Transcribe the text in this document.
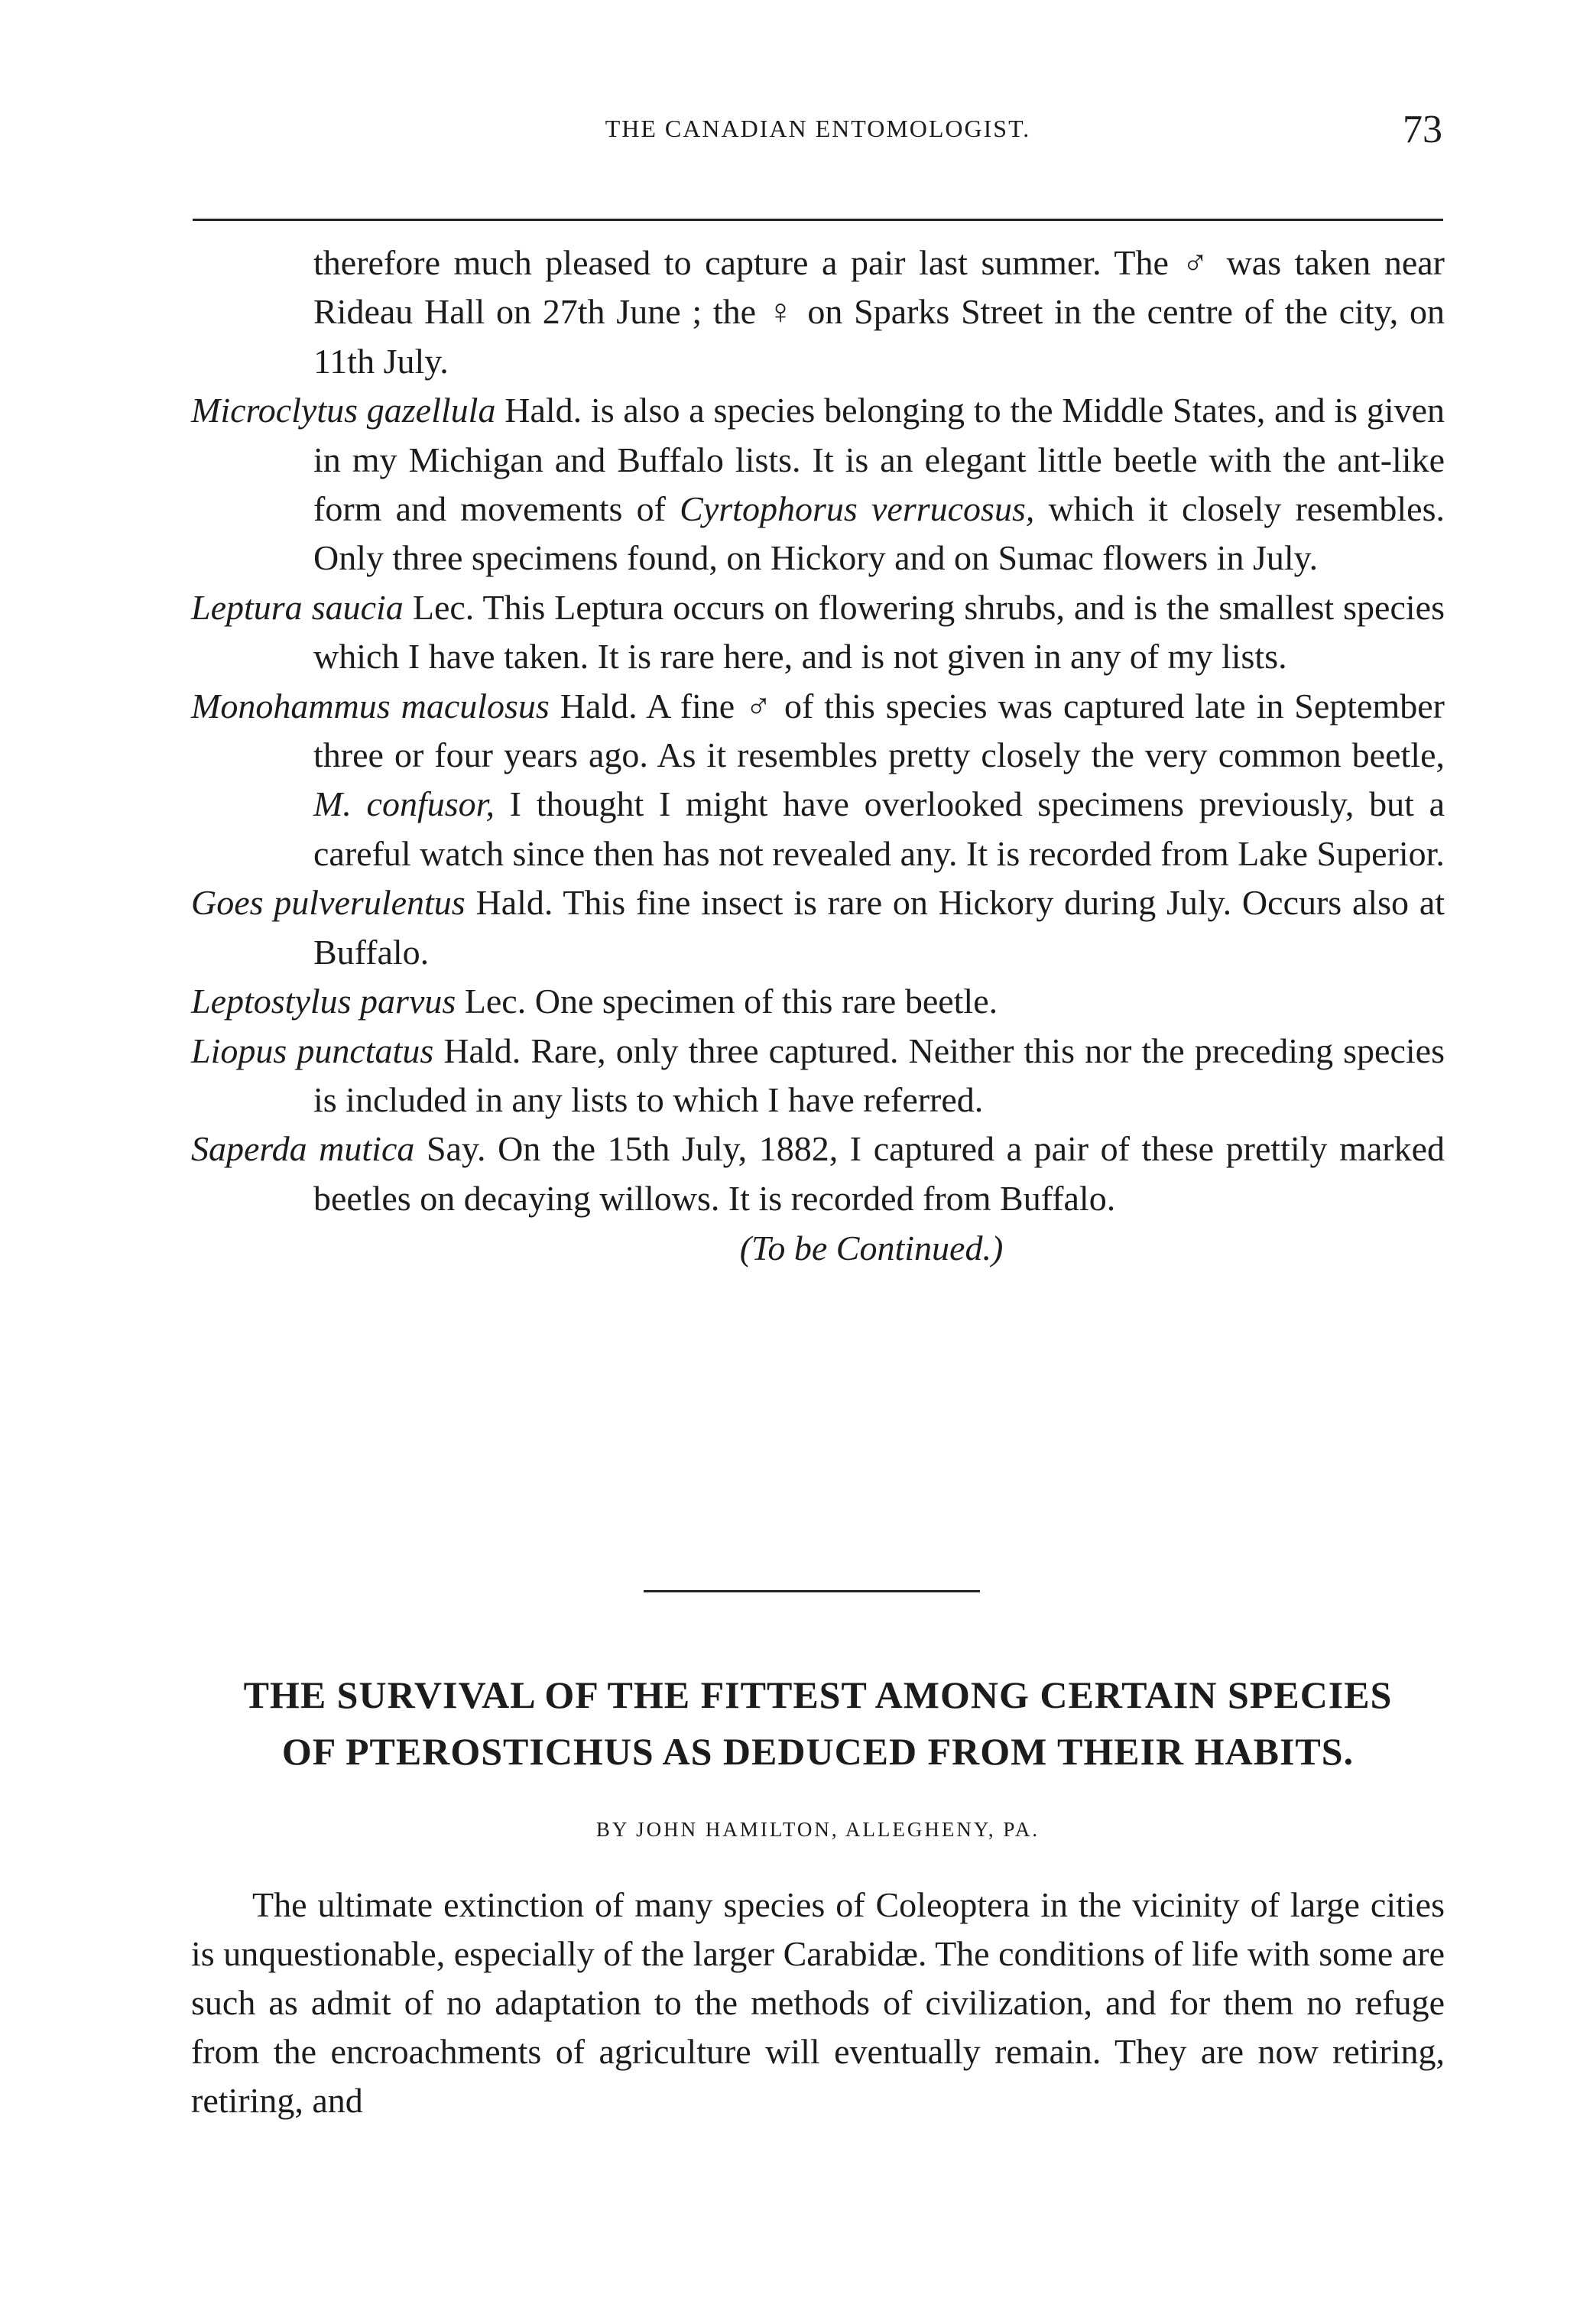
THE CANADIAN ENTOMOLOGIST.	73

therefore much pleased to capture a pair last summer. The ♂ was taken near Rideau Hall on 27th June ; the ♀ on Sparks Street in the centre of the city, on 11th July.

Microclytus gazellula Hald. is also a species belonging to the Middle States, and is given in my Michigan and Buffalo lists. It is an elegant little beetle with the ant-like form and movements of Cyrtophorus verrucosus, which it closely resembles. Only three specimens found, on Hickory and on Sumac flowers in July.

Leptura saucia Lec. This Leptura occurs on flowering shrubs, and is the smallest species which I have taken. It is rare here, and is not given in any of my lists.

Monohammus maculosus Hald. A fine ♂ of this species was captured late in September three or four years ago. As it resembles pretty closely the very common beetle, M. confusor, I thought I might have overlooked specimens previously, but a careful watch since then has not revealed any. It is recorded from Lake Superior.

Goes pulverulentus Hald. This fine insect is rare on Hickory during July. Occurs also at Buffalo.

Leptostylus parvus Lec. One specimen of this rare beetle.

Liopus punctatus Hald. Rare, only three captured. Neither this nor the preceding species is included in any lists to which I have referred.

Saperda mutica Say. On the 15th July, 1882, I captured a pair of these prettily marked beetles on decaying willows. It is recorded from Buffalo.

(To be Continued.)
THE SURVIVAL OF THE FITTEST AMONG CERTAIN SPECIES
OF PTEROSTICHUS AS DEDUCED FROM THEIR HABITS.
BY JOHN HAMILTON, ALLEGHENY, PA.

The ultimate extinction of many species of Coleoptera in the vicinity of large cities is unquestionable, especially of the larger Carabidæ. The conditions of life with some are such as admit of no adaptation to the methods of civilization, and for them no refuge from the encroachments of agriculture will eventually remain. They are now retiring, retiring, and
